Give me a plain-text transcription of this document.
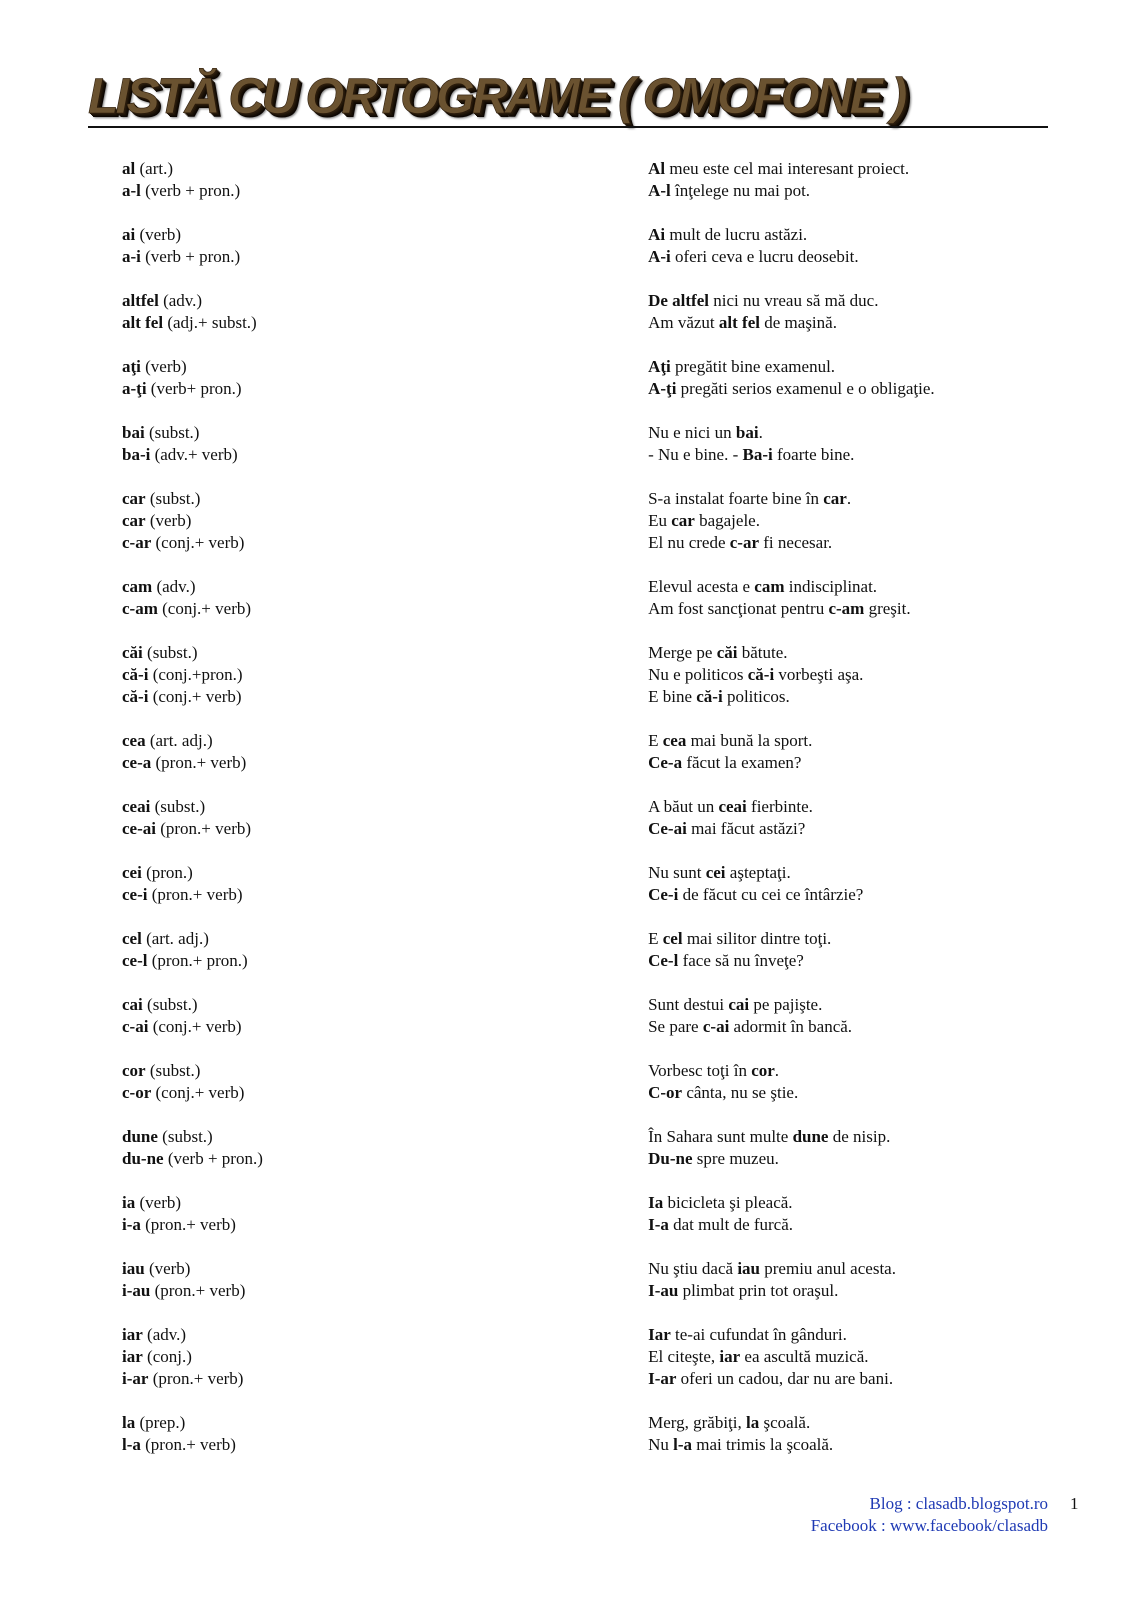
LISTĂ CU ORTOGRAME ( OMOFONE )
al (art.)
a-l (verb + pron.)
Al meu este cel mai interesant proiect.
A-l înţelege nu mai pot.
ai (verb)
a-i (verb + pron.)
Ai mult de lucru astăzi.
A-i oferi ceva e lucru deosebit.
altfel (adv.)
alt fel (adj.+ subst.)
De altfel nici nu vreau să mă duc.
Am văzut alt fel de maşină.
aţi (verb)
a-ţi (verb+ pron.)
Aţi pregătit bine examenul.
A-ţi pregăti serios examenul e o obligaţie.
bai (subst.)
ba-i (adv.+ verb)
Nu e nici un bai.
- Nu e bine. - Ba-i foarte bine.
car (subst.)
car (verb)
c-ar (conj.+ verb)
S-a instalat foarte bine în car.
Eu car bagajele.
El nu crede c-ar fi necesar.
cam (adv.)
c-am (conj.+ verb)
Elevul acesta e cam indisciplinat.
Am fost sancţionat pentru c-am greşit.
căi (subst.)
că-i (conj.+pron.)
că-i (conj.+ verb)
Merge pe căi bătute.
Nu e politicos că-i vorbeşti aşa.
E bine că-i politicos.
cea (art. adj.)
ce-a (pron.+ verb)
E cea mai bună la sport.
Ce-a făcut la examen?
ceai (subst.)
ce-ai (pron.+ verb)
A băut un ceai fierbinte.
Ce-ai mai făcut astăzi?
cei (pron.)
ce-i (pron.+ verb)
Nu sunt cei aşteptaţi.
Ce-i de făcut cu cei ce întârzie?
cel (art. adj.)
ce-l (pron.+ pron.)
E cel mai silitor dintre toţi.
Ce-l face să nu înveţe?
cai (subst.)
c-ai (conj.+ verb)
Sunt destui cai pe pajişte.
Se pare c-ai adormit în bancă.
cor (subst.)
c-or (conj.+ verb)
Vorbesc toţi în cor.
C-or cânta, nu se ştie.
dune (subst.)
du-ne (verb + pron.)
În Sahara sunt multe dune de nisip.
Du-ne spre muzeu.
ia (verb)
i-a (pron.+ verb)
Ia bicicleta şi pleacă.
I-a dat mult de furcă.
iau (verb)
i-au (pron.+ verb)
Nu ştiu dacă iau premiu anul acesta.
I-au plimbat prin tot oraşul.
iar (adv.)
iar (conj.)
i-ar (pron.+ verb)
Iar te-ai cufundat în gânduri.
El citeşte, iar ea ascultă muzică.
I-ar oferi un cadou, dar nu are bani.
la (prep.)
l-a (pron.+ verb)
Merg, grăbiţi, la şcoală.
Nu l-a mai trimis la şcoală.
Blog : clasadb.blogspot.ro
Facebook : www.facebook/clasadb
1
